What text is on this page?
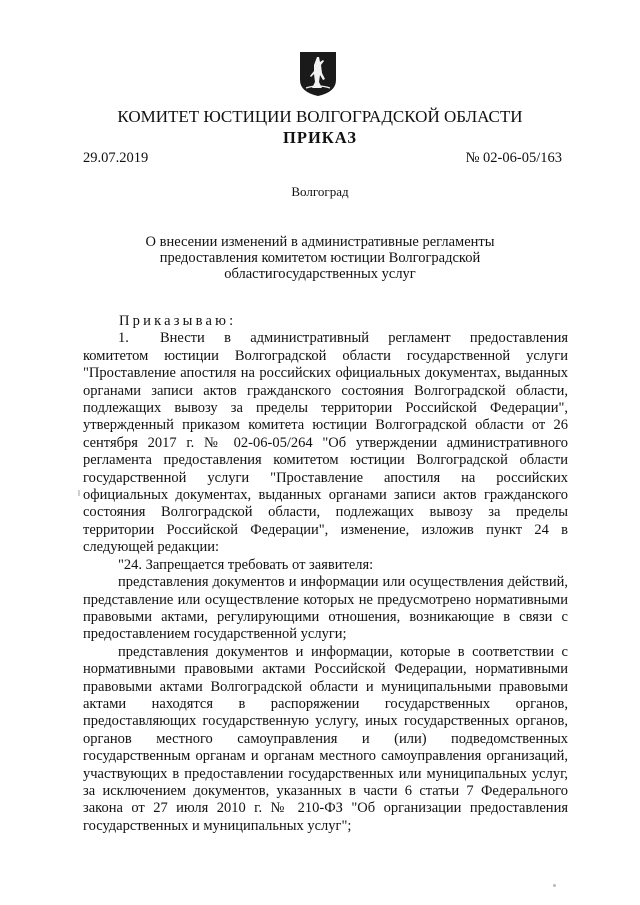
КОМИТЕТ ЮСТИЦИИ ВОЛГОГРАДСКОЙ ОБЛАСТИ
ПРИКАЗ
29.07.2019	№ 02-06-05/163
Волгоград
О внесении изменений в административные регламенты
предоставления комитетом юстиции Волгоградской
областигосударственных услуг

Приказываю:

1. Внести в административный регламент предоставления комитетом юстиции Волгоградской области государственной услуги "Проставление апостиля на российских официальных документах, выданных органами записи актов гражданского состояния Волгоградской области, подлежащих вывозу за пределы территории Российской Федерации", утвержденный приказом комитета юстиции Волгоградской области от 26 сентября 2017 г. № 02-06-05/264 "Об утверждении административного регламента предоставления комитетом юстиции Волгоградской области государственной услуги "Проставление апостиля на российских официальных документах, выданных органами записи актов гражданского состояния Волгоградской области, подлежащих вывозу за пределы территории Российской Федерации", изменение, изложив пункт 24 в следующей редакции:

"24. Запрещается требовать от заявителя:

представления документов и информации или осуществления действий, представление или осуществление которых не предусмотрено нормативными правовыми актами, регулирующими отношения, возникающие в связи с предоставлением государственной услуги;

представления документов и информации, которые в соответствии с нормативными правовыми актами Российской Федерации, нормативными правовыми актами Волгоградской области и муниципальными правовыми актами находятся в распоряжении государственных органов, предоставляющих государственную услугу, иных государственных органов, органов местного самоуправления и (или) подведомственных государственным органам и органам местного самоуправления организаций, участвующих в предоставлении государственных или муниципальных услуг, за исключением документов, указанных в части 6 статьи 7 Федерального закона от 27 июля 2010 г. № 210-ФЗ "Об организации предоставления государственных и муниципальных услуг";
